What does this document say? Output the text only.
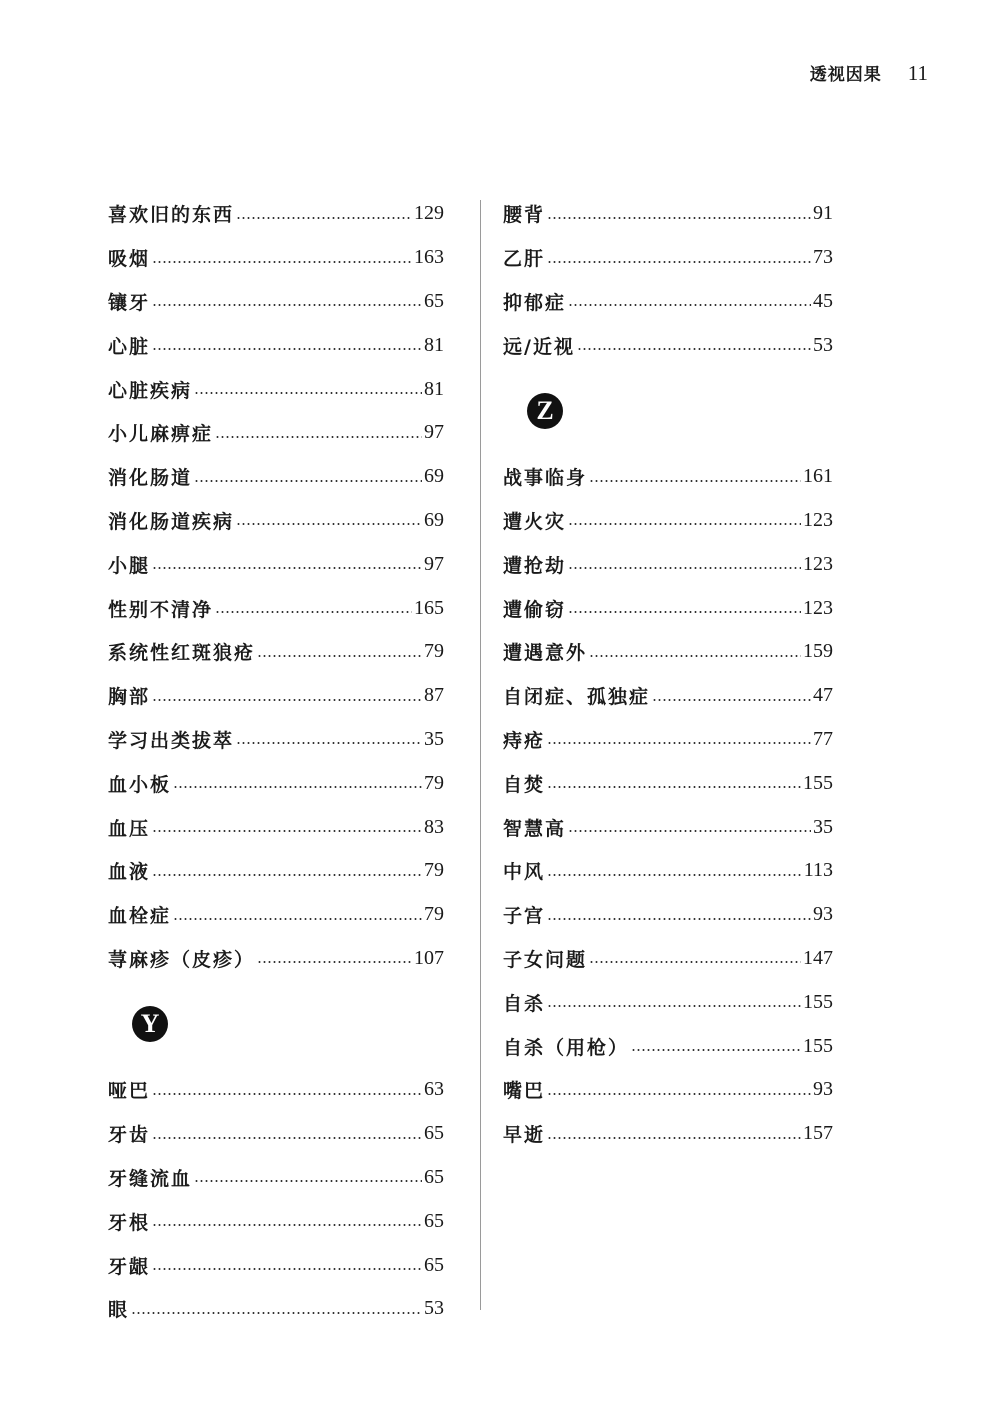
透视因果 11
喜欢旧的东西	129
吸烟	163
镶牙	65
心脏	81
心脏疾病	81
小儿麻痹症	97
消化肠道	69
消化肠道疾病	69
小腿	97
性别不清净	165
系统性红斑狼疮	79
胸部	87
学习出类拔萃	35
血小板	79
血压	83
血液	79
血栓症	79
荨麻疹（皮疹）	107
Y
哑巴	63
牙齿	65
牙缝流血	65
牙根	65
牙龈	65
眼	53
腰背	91
乙肝	73
抑郁症	45
远/近视	53
Z
战事临身	161
遭火灾	123
遭抢劫	123
遭偷窃	123
遭遇意外	159
自闭症、孤独症	47
痔疮	77
自焚	155
智慧高	35
中风	113
子宫	93
子女问题	147
自杀	155
自杀（用枪）	155
嘴巴	93
早逝	157
